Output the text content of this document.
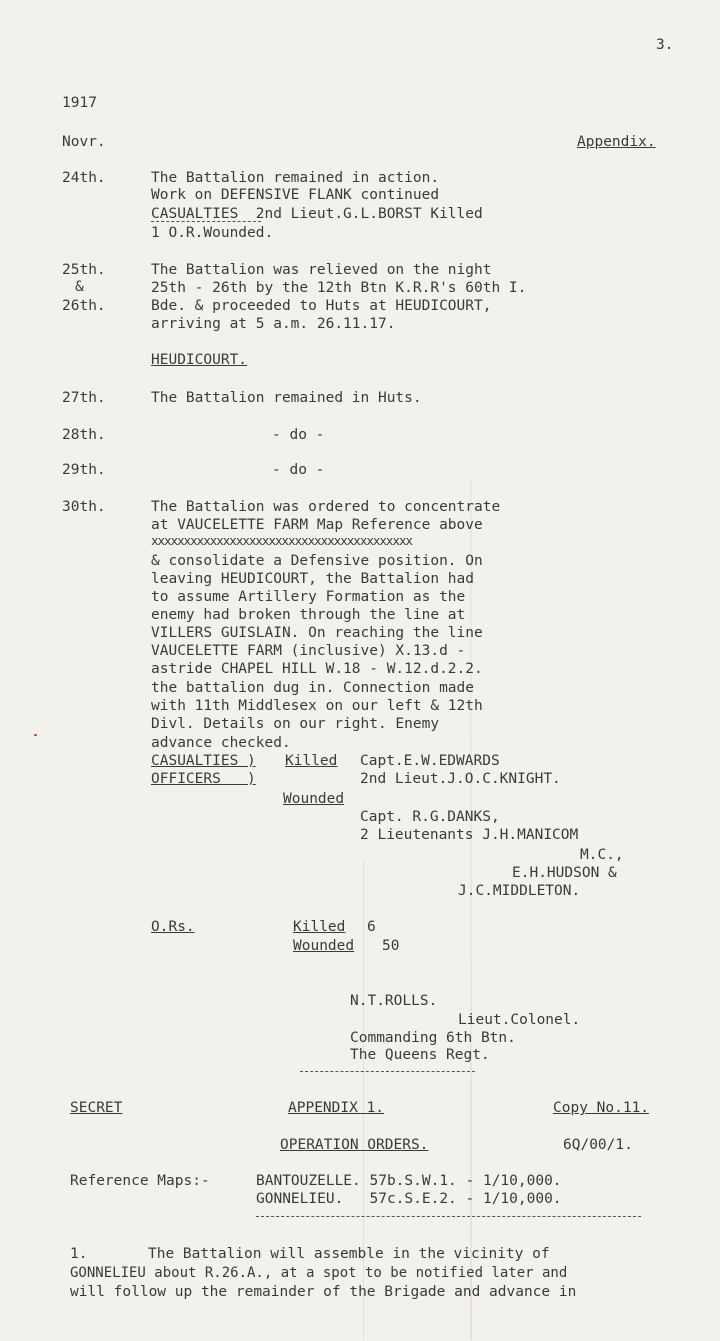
3.
1917
Novr.	Appendix.
24th.	The Battalion remained in action.
Work on DEFENSIVE FLANK continued
CASUALTIES  2nd Lieut.G.L.BORST Killed
1 O.R.Wounded.
25th.
&
26th.
The Battalion was relieved on the night
25th - 26th by the 12th Btn K.R.R's 60th I.
Bde. & proceeded to Huts at HEUDICOURT,
arriving at 5 a.m. 26.11.17.
HEUDICOURT.
27th.	The Battalion remained in Huts.
28th.	- do -
29th.	- do -
30th.	The Battalion was ordered to concentrate
at VAUCELETTE FARM Map Reference above
xxxxxxxxxxxxxxxxxxxxxxxxxxxxxxxxxxxxxxxx
& consolidate a Defensive position. On
leaving HEUDICOURT, the Battalion had
to assume Artillery Formation as the
enemy had broken through the line at
VILLERS GUISLAIN. On reaching the line
VAUCELETTE FARM (inclusive) X.13.d -
astride CHAPEL HILL W.18 - W.12.d.2.2.
the battalion dug in. Connection made
with 11th Middlesex on our left & 12th
Divl. Details on our right. Enemy
advance checked.
CASUALTIES )
OFFICERS   )
Killed Capt.E.W.EDWARDS
2nd Lieut.J.O.C.KNIGHT.
Wounded
Capt. R.G.DANKS,
2 Lieutenants J.H.MANICOM
M.C.,
E.H.HUDSON &
J.C.MIDDLETON.
O.Rs.	Killed 6
Wounded 50
N.T.ROLLS.
Lieut.Colonel.
Commanding 6th Btn.
The Queens Regt.
SECRET	APPENDIX 1.	Copy No.11.
OPERATION ORDERS.	6Q/00/1.
Reference Maps:-	BANTOUZELLE. 57b.S.W.1. - 1/10,000.
GONNELIEU.   57c.S.E.2. - 1/10,000.
1.	The Battalion will assemble in the vicinity of
GONNELIEU about R.26.A., at a spot to be notified later and
will follow up the remainder of the Brigade and advance in
